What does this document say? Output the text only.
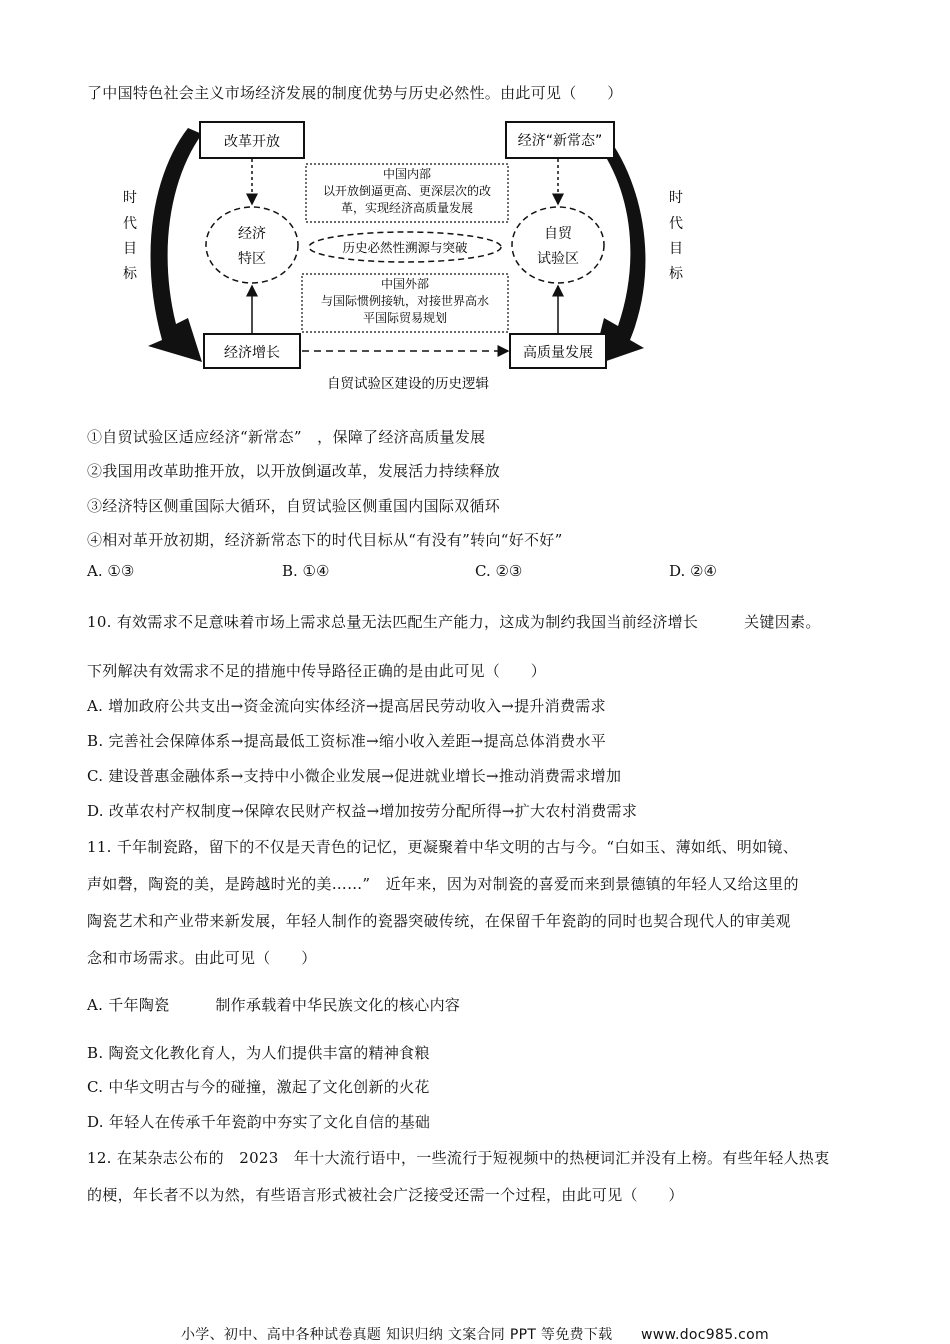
了中国特色社会主义市场经济发展的制度优势与历史必然性。由此可见（　　）
改革开放	经济“新常态”
经济增长	高质量发展
经济
特区
自贸
试验区
历史必然性溯源与突破
中国内部
以开放倒逼更高、更深层次的改
革，实现经济高质量发展
中国外部
与国际惯例接轨，对接世界高水
平国际贸易规划
时
代
目
标
时
代
目
标
自贸试验区建设的历史逻辑
①自贸试验区适应经济“新常态”　，保障了经济高质量发展
②我国用改革助推开放，以开放倒逼改革，发展活力持续释放
③经济特区侧重国际大循环，自贸试验区侧重国内国际双循环
④相对革开放初期，经济新常态下的时代目标从“有没有”转向“好不好”
A. ①③	B. ①④	C. ②③	D. ②④
10. 有效需求不足意味着市场上需求总量无法匹配生产能力，这成为制约我国当前经济增长　　　关键因素。
下列解决有效需求不足的措施中传导路径正确的是由此可见（　　）
A. 增加政府公共支出→资金流向实体经济→提高居民劳动收入→提升消费需求
B. 完善社会保障体系→提高最低工资标准→缩小收入差距→提高总体消费水平
C. 建设普惠金融体系→支持中小微企业发展→促进就业增长→推动消费需求增加
D. 改革农村产权制度→保障农民财产权益→增加按劳分配所得→扩大农村消费需求
11. 千年制瓷路，留下的不仅是天青色的记忆，更凝聚着中华文明的古与今。“白如玉、薄如纸、明如镜、
声如磬，陶瓷的美，是跨越时光的美……”　近年来，因为对制瓷的喜爱而来到景德镇的年轻人又给这里的
陶瓷艺术和产业带来新发展，年轻人制作的瓷器突破传统，在保留千年瓷韵的同时也契合现代人的审美观
念和市场需求。由此可见（　　）
A. 千年陶瓷　　　制作承载着中华民族文化的核心内容
B. 陶瓷文化教化育人，为人们提供丰富的精神食粮
C. 中华文明古与今的碰撞，激起了文化创新的火花
D. 年轻人在传承千年瓷韵中夯实了文化自信的基础
12. 在某杂志公布的　2023　年十大流行语中，一些流行于短视频中的热梗词汇并没有上榜。有些年轻人热衷
的梗，年长者不以为然，有些语言形式被社会广泛接受还需一个过程，由此可见（　　）
小学、初中、高中各种试卷真题 知识归纳 文案合同 PPT 等免费下载　　www.doc985.com
